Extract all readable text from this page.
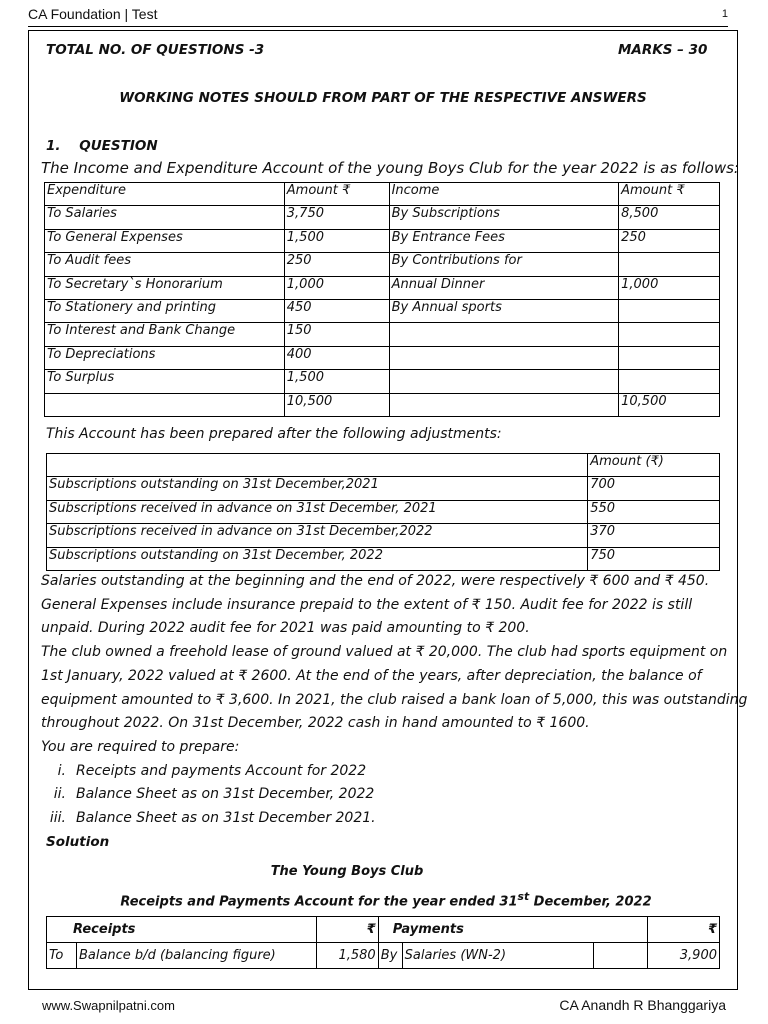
CA Foundation | Test	1
TOTAL NO. OF QUESTIONS -3	MARKS – 30
WORKING NOTES SHOULD FROM PART OF THE RESPECTIVE ANSWERS
1. QUESTION
The Income and Expenditure Account of the young Boys Club for the year 2022 is as follows:
Expenditure	Amount ₹	Income	Amount ₹
To Salaries	3,750	By Subscriptions	8,500
To General Expenses	1,500	By Entrance Fees	250
To Audit fees	250	By Contributions for	
To Secretary`s Honorarium	1,000	Annual Dinner	1,000
To Stationery and printing	450	By Annual sports	
To Interest and Bank Change	150		
To Depreciations	400		
To Surplus	1,500		
	10,500		10,500
This Account has been prepared after the following adjustments:
	Amount (₹)
Subscriptions outstanding on 31st December,2021	700
Subscriptions received in advance on 31st December, 2021	550
Subscriptions received in advance on 31st December,2022	370
Subscriptions outstanding on 31st December, 2022	750
Salaries outstanding at the beginning and the end of 2022, were respectively ₹ 600 and ₹ 450.
General Expenses include insurance prepaid to the extent of ₹ 150. Audit fee for 2022 is still
unpaid. During 2022 audit fee for 2021 was paid amounting to ₹ 200.
The club owned a freehold lease of ground valued at ₹ 20,000. The club had sports equipment on
1st January, 2022 valued at ₹ 2600. At the end of the years, after depreciation, the balance of
equipment amounted to ₹ 3,600. In 2021, the club raised a bank loan of 5,000, this was outstanding
throughout 2022. On 31st December, 2022 cash in hand amounted to ₹ 1600.
You are required to prepare:
i. Receipts and payments Account for 2022
ii. Balance Sheet as on 31st December, 2022
iii. Balance Sheet as on 31st December 2021.
Solution
The Young Boys Club
Receipts and Payments Account for the year ended 31st December, 2022
Receipts		₹	Payments			₹
To	Balance b/d (balancing figure)	1,580	By	Salaries (WN-2)		3,900
www.Swapnilpatni.com	CA Anandh R Bhanggariya
